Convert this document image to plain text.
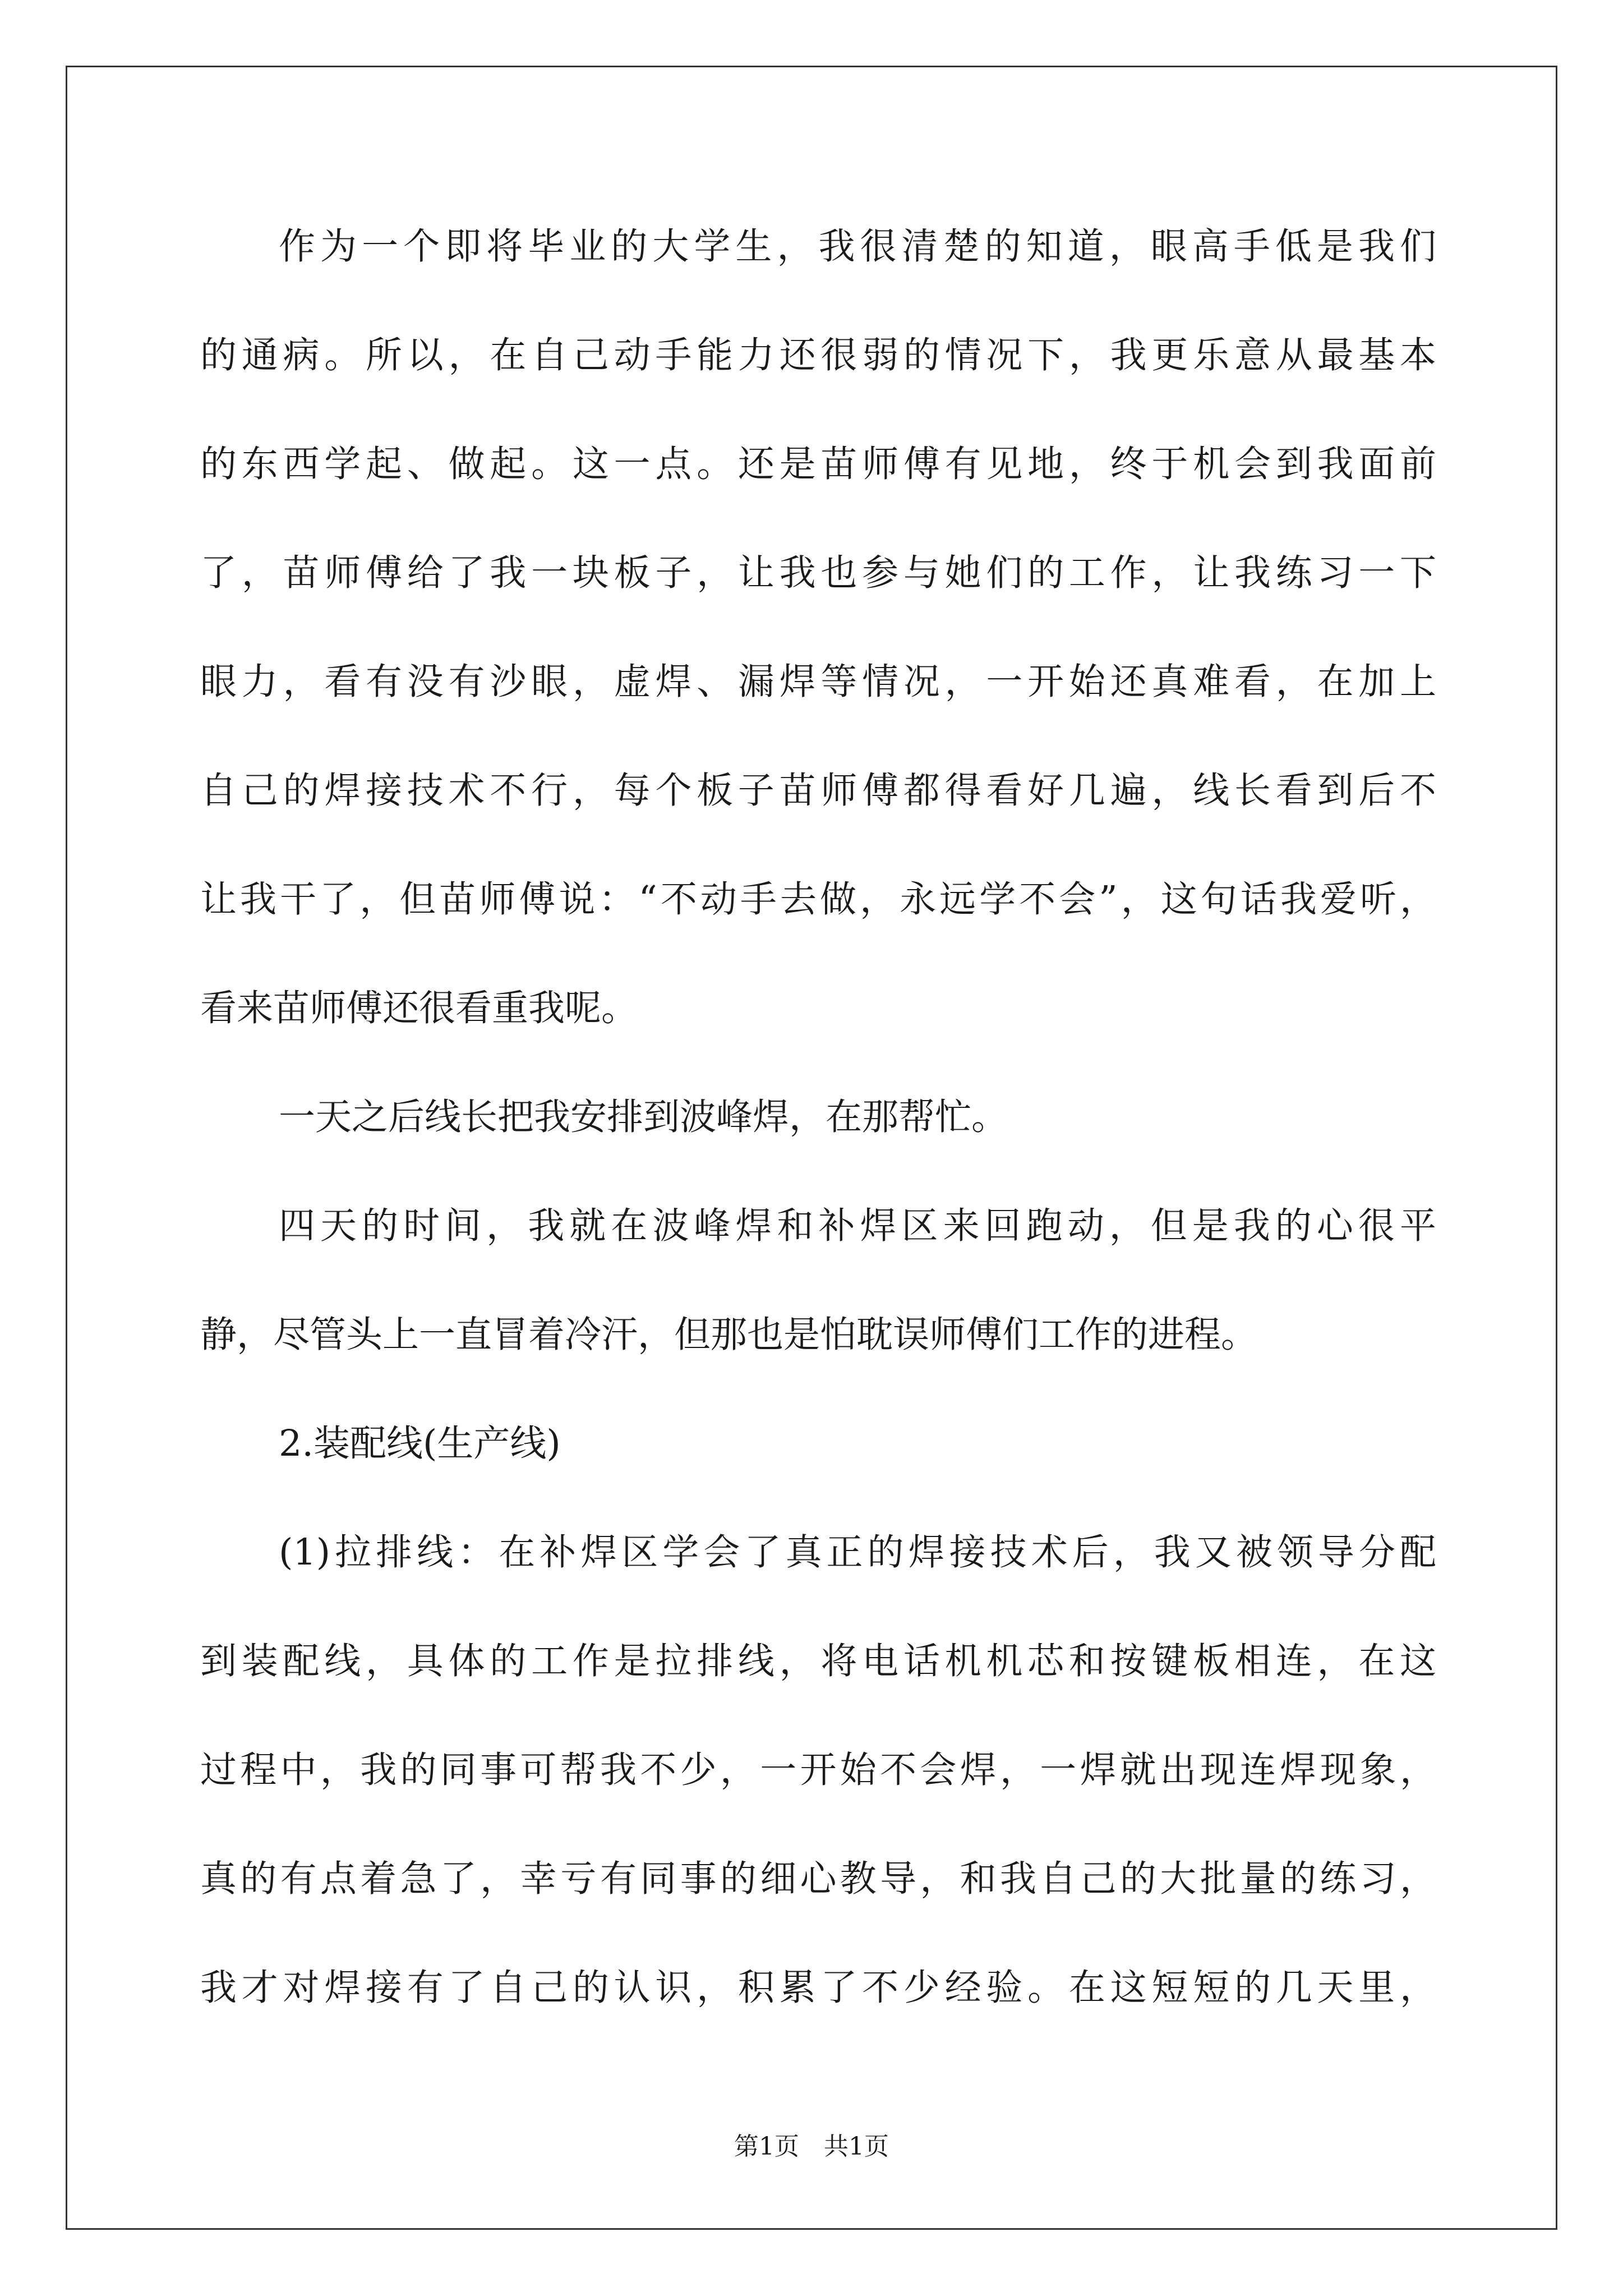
作为一个即将毕业的大学生，我很清楚的知道，眼高手低是我们
的通病。所以，在自己动手能力还很弱的情况下，我更乐意从最基本
的东西学起、做起。这一点。还是苗师傅有见地，终于机会到我面前
了，苗师傅给了我一块板子，让我也参与她们的工作，让我练习一下
眼力，看有没有沙眼，虚焊、漏焊等情况，一开始还真难看，在加上
自己的焊接技术不行，每个板子苗师傅都得看好几遍，线长看到后不
让我干了，但苗师傅说：“不动手去做，永远学不会”，这句话我爱听，
看来苗师傅还很看重我呢。
一天之后线长把我安排到波峰焊，在那帮忙。
四天的时间，我就在波峰焊和补焊区来回跑动，但是我的心很平
静，尽管头上一直冒着冷汗，但那也是怕耽误师傅们工作的进程。
2.装配线(生产线)
(1)拉排线：在补焊区学会了真正的焊接技术后，我又被领导分配
到装配线，具体的工作是拉排线，将电话机机芯和按键板相连，在这
过程中，我的同事可帮我不少，一开始不会焊，一焊就出现连焊现象，
真的有点着急了，幸亏有同事的细心教导，和我自己的大批量的练习，
我才对焊接有了自己的认识，积累了不少经验。在这短短的几天里，
第1页　共1页
